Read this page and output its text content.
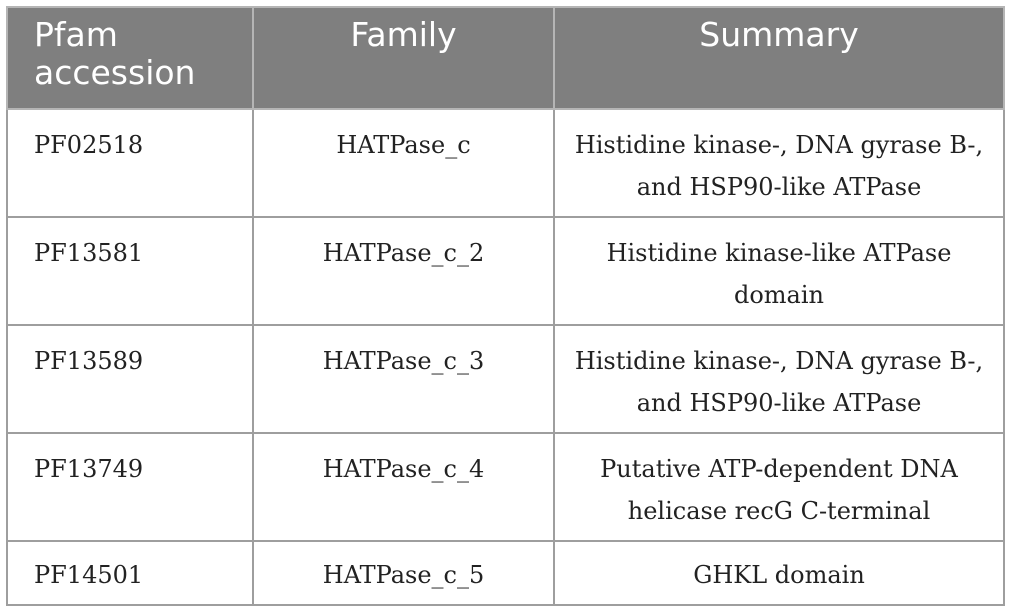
Pfam accession	Family	Summary
PF02518	HATPase_c	Histidine kinase-, DNA gyrase B-, and HSP90-like ATPase
PF13581	HATPase_c_2	Histidine kinase-like ATPase domain
PF13589	HATPase_c_3	Histidine kinase-, DNA gyrase B-, and HSP90-like ATPase
PF13749	HATPase_c_4	Putative ATP-dependent DNA helicase recG C-terminal
PF14501	HATPase_c_5	GHKL domain
